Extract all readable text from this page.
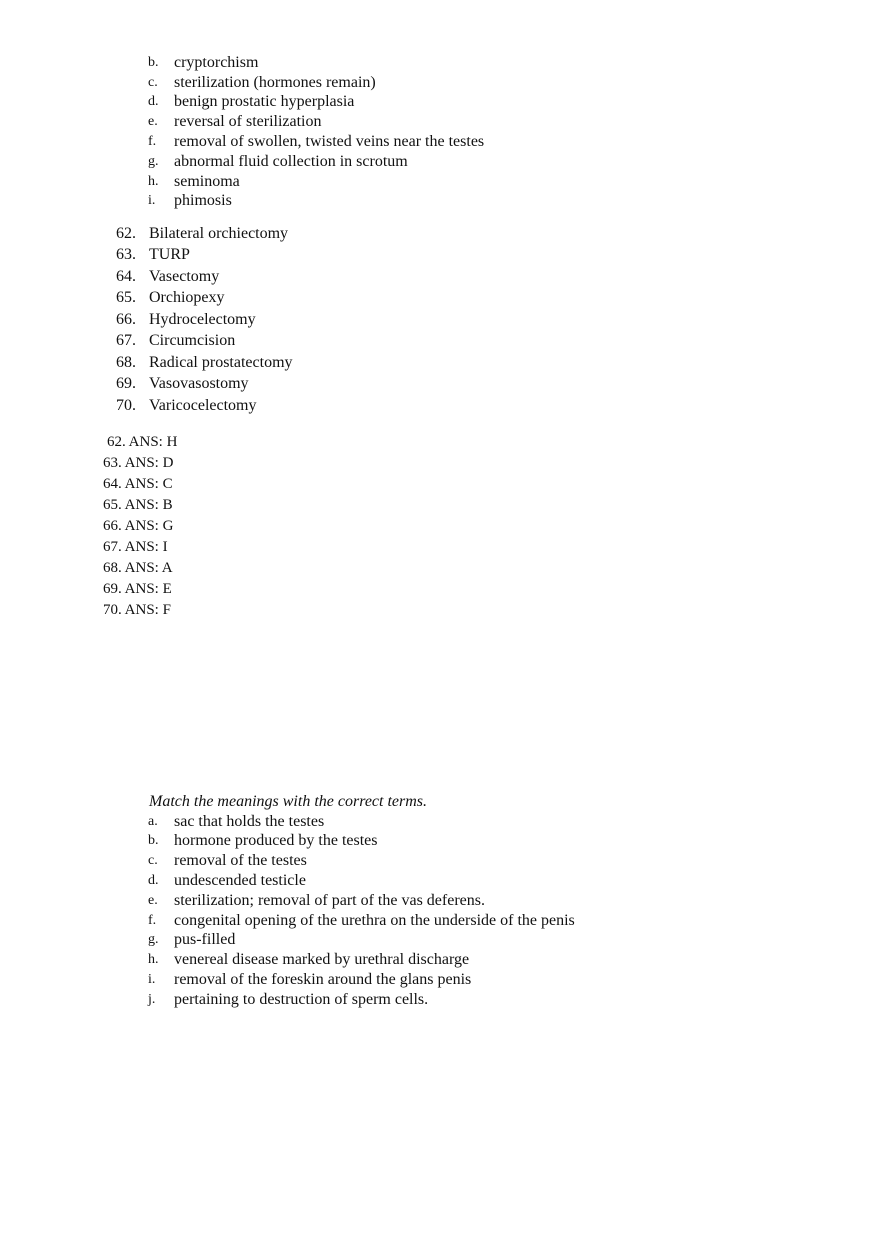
b. cryptorchism
c. sterilization (hormones remain)
d. benign prostatic hyperplasia
e. reversal of sterilization
f. removal of swollen, twisted veins near the testes
g. abnormal fluid collection in scrotum
h. seminoma
i. phimosis
62. Bilateral orchiectomy
63. TURP
64. Vasectomy
65. Orchiopexy
66. Hydrocelectomy
67. Circumcision
68. Radical prostatectomy
69. Vasovasostomy
70. Varicocelectomy
62. ANS: H
63. ANS: D
64. ANS: C
65. ANS: B
66. ANS: G
67. ANS: I
68. ANS: A
69. ANS: E
70. ANS: F
Match the meanings with the correct terms.
a. sac that holds the testes
b. hormone produced by the testes
c. removal of the testes
d. undescended testicle
e. sterilization; removal of part of the vas deferens.
f. congenital opening of the urethra on the underside of the penis
g. pus-filled
h. venereal disease marked by urethral discharge
i. removal of the foreskin around the glans penis
j. pertaining to destruction of sperm cells.
